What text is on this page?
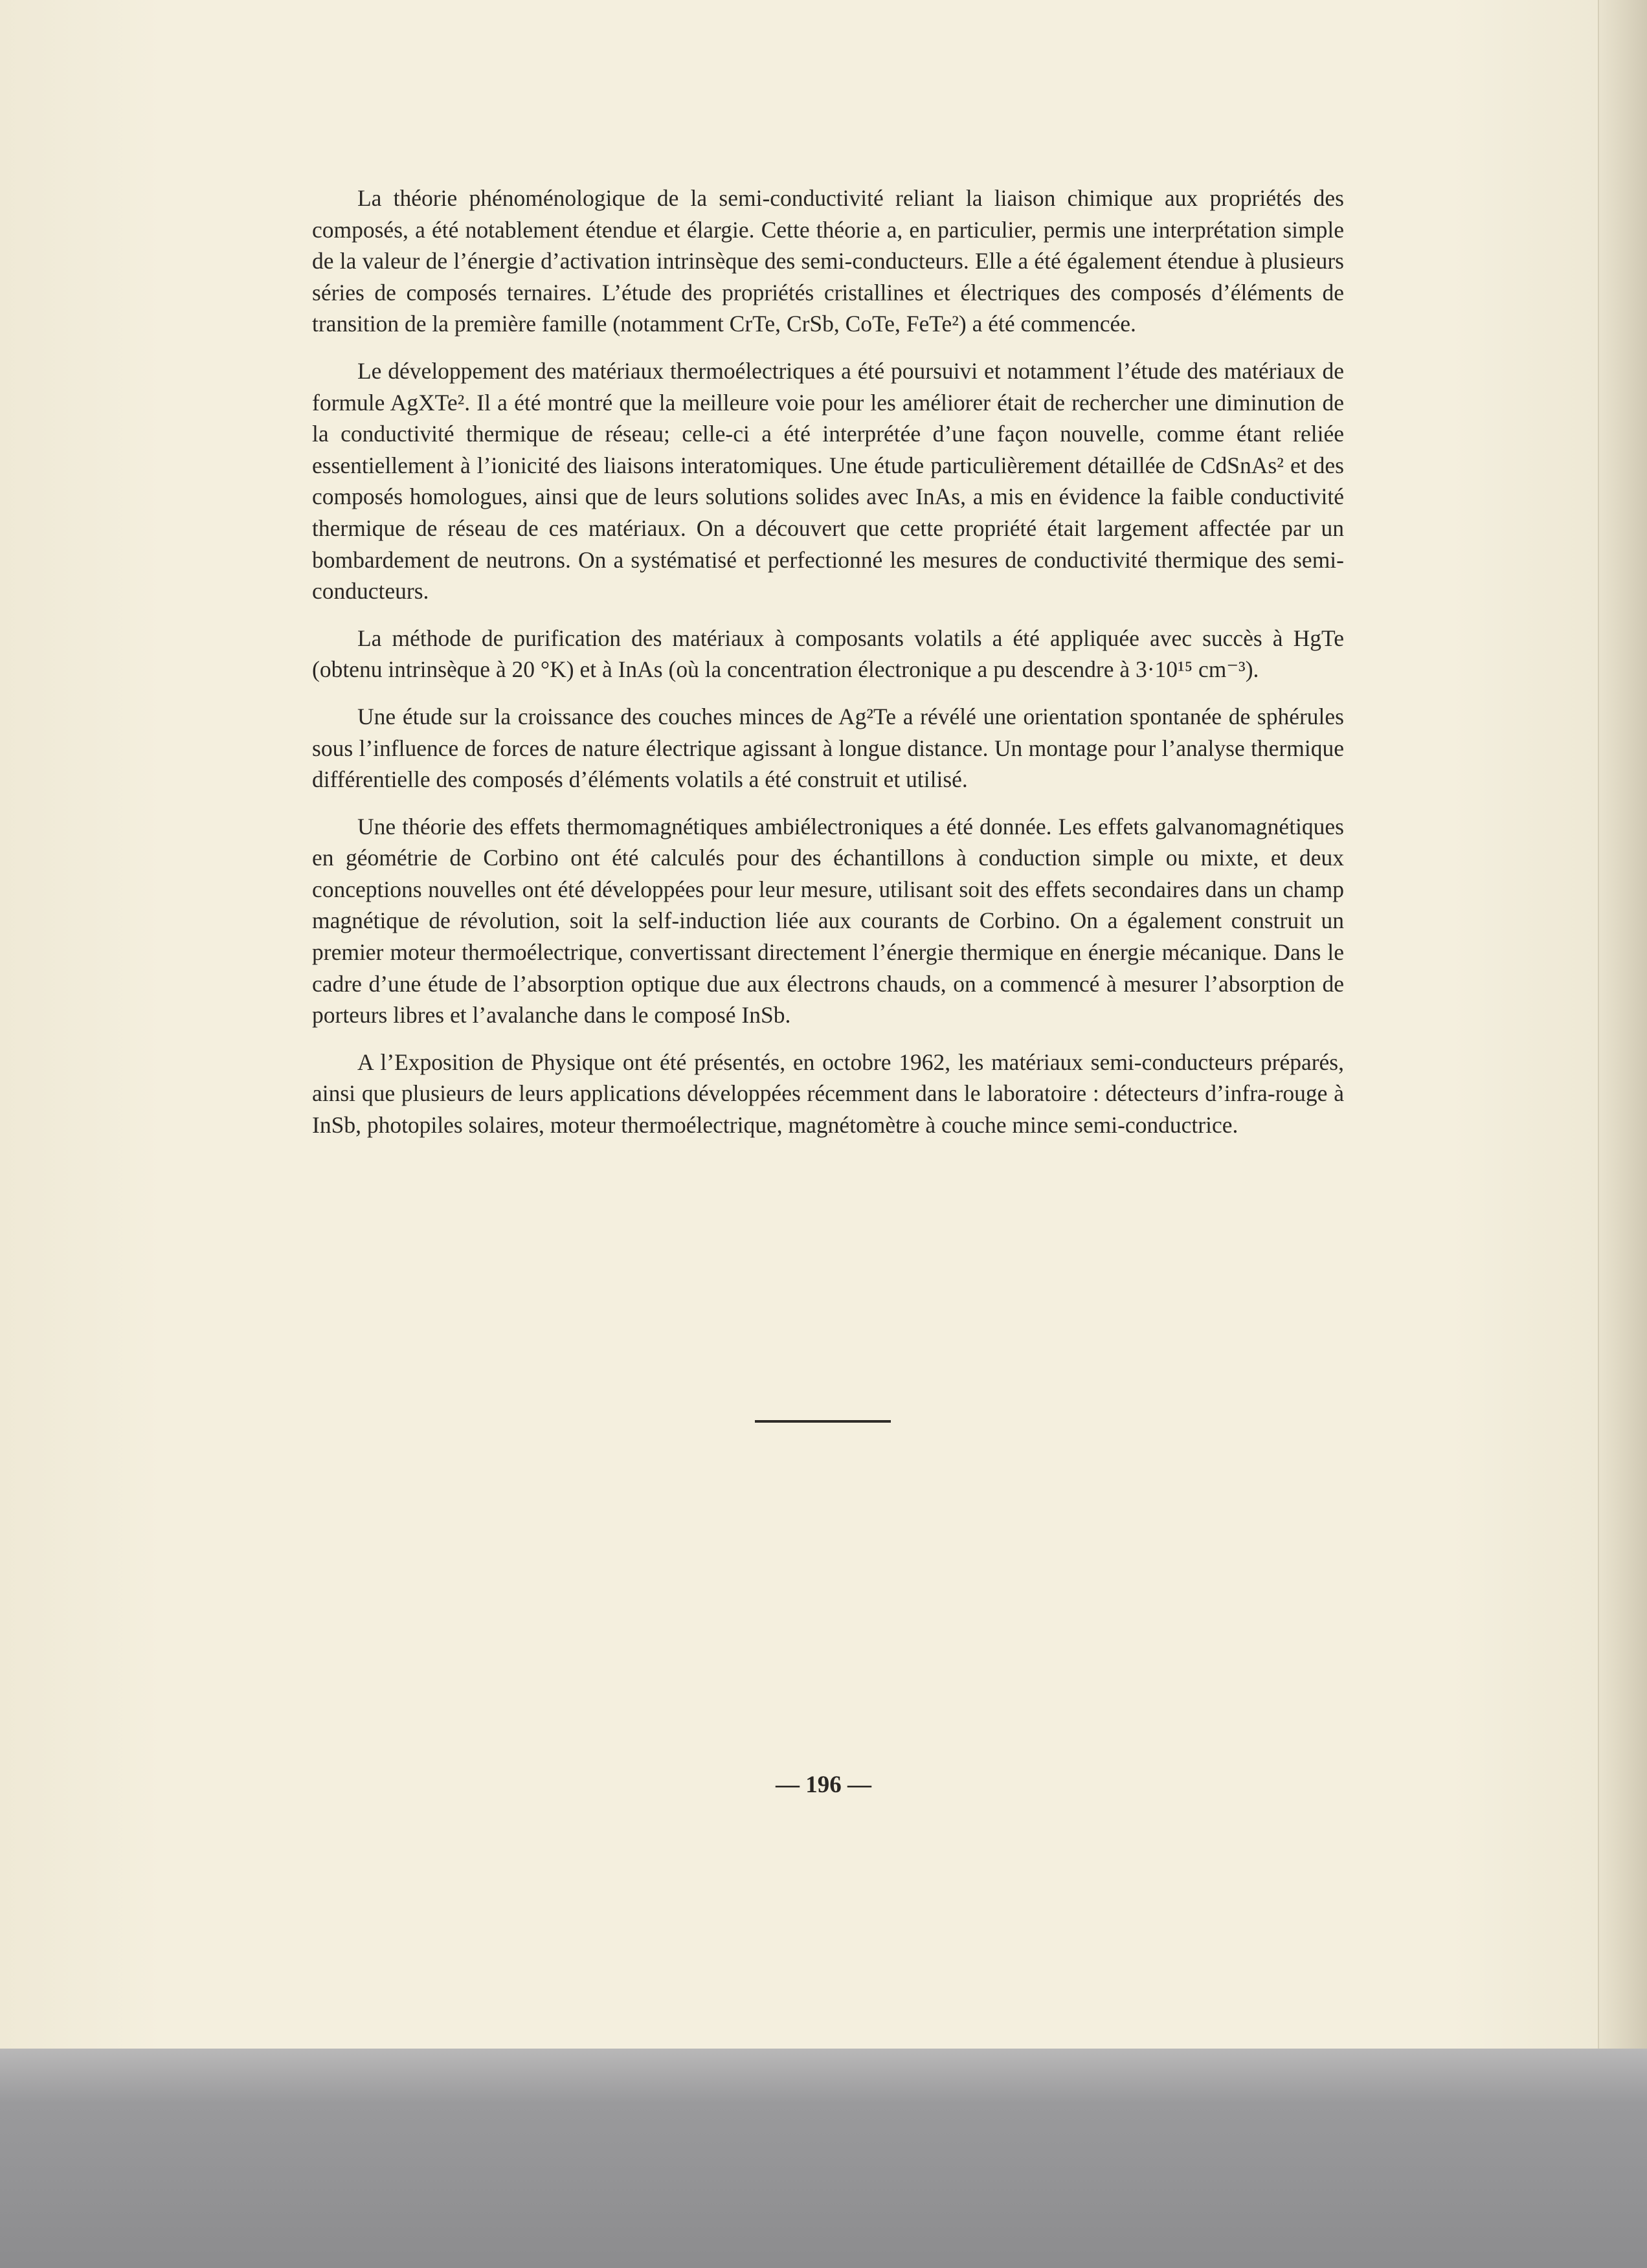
La théorie phénoménologique de la semi-conductivité reliant la liaison chimique aux propriétés des composés, a été notablement étendue et élargie. Cette théorie a, en particulier, permis une interprétation simple de la valeur de l’énergie d’activation intrinsèque des semi-conducteurs. Elle a été également étendue à plusieurs séries de composés ternaires. L’étude des propriétés cristallines et électriques des composés d’éléments de transition de la première famille (notamment CrTe, CrSb, CoTe, FeTe²) a été commencée.

Le développement des matériaux thermoélectriques a été poursuivi et notamment l’étude des matériaux de formule AgXTe². Il a été montré que la meilleure voie pour les améliorer était de rechercher une diminution de la conductivité thermique de réseau; celle-ci a été interprétée d’une façon nouvelle, comme étant reliée essentiellement à l’ionicité des liaisons interatomiques. Une étude particulièrement détaillée de CdSnAs² et des composés homologues, ainsi que de leurs solutions solides avec InAs, a mis en évidence la faible conductivité thermique de réseau de ces matériaux. On a découvert que cette propriété était largement affectée par un bombardement de neutrons. On a systématisé et perfectionné les mesures de conductivité thermique des semi-conducteurs.

La méthode de purification des matériaux à composants volatils a été appliquée avec succès à HgTe (obtenu intrinsèque à 20 °K) et à InAs (où la concentration électronique a pu descendre à 3·10¹⁵ cm⁻³).

Une étude sur la croissance des couches minces de Ag²Te a révélé une orientation spontanée de sphérules sous l’influence de forces de nature électrique agissant à longue distance. Un montage pour l’analyse thermique différentielle des composés d’éléments volatils a été construit et utilisé.

Une théorie des effets thermomagnétiques ambiélectroniques a été donnée. Les effets galvanomagnétiques en géométrie de Corbino ont été calculés pour des échantillons à conduction simple ou mixte, et deux conceptions nouvelles ont été développées pour leur mesure, utilisant soit des effets secondaires dans un champ magnétique de révolution, soit la self-induction liée aux courants de Corbino. On a également construit un premier moteur thermoélectrique, convertissant directement l’énergie thermique en énergie mécanique. Dans le cadre d’une étude de l’absorption optique due aux électrons chauds, on a commencé à mesurer l’absorption de porteurs libres et l’avalanche dans le composé InSb.

A l’Exposition de Physique ont été présentés, en octobre 1962, les matériaux semi-conducteurs préparés, ainsi que plusieurs de leurs applications développées récemment dans le laboratoire : détecteurs d’infra-rouge à InSb, photopiles solaires, moteur thermoélectrique, magnétomètre à couche mince semi-conductrice.

— 196 —
